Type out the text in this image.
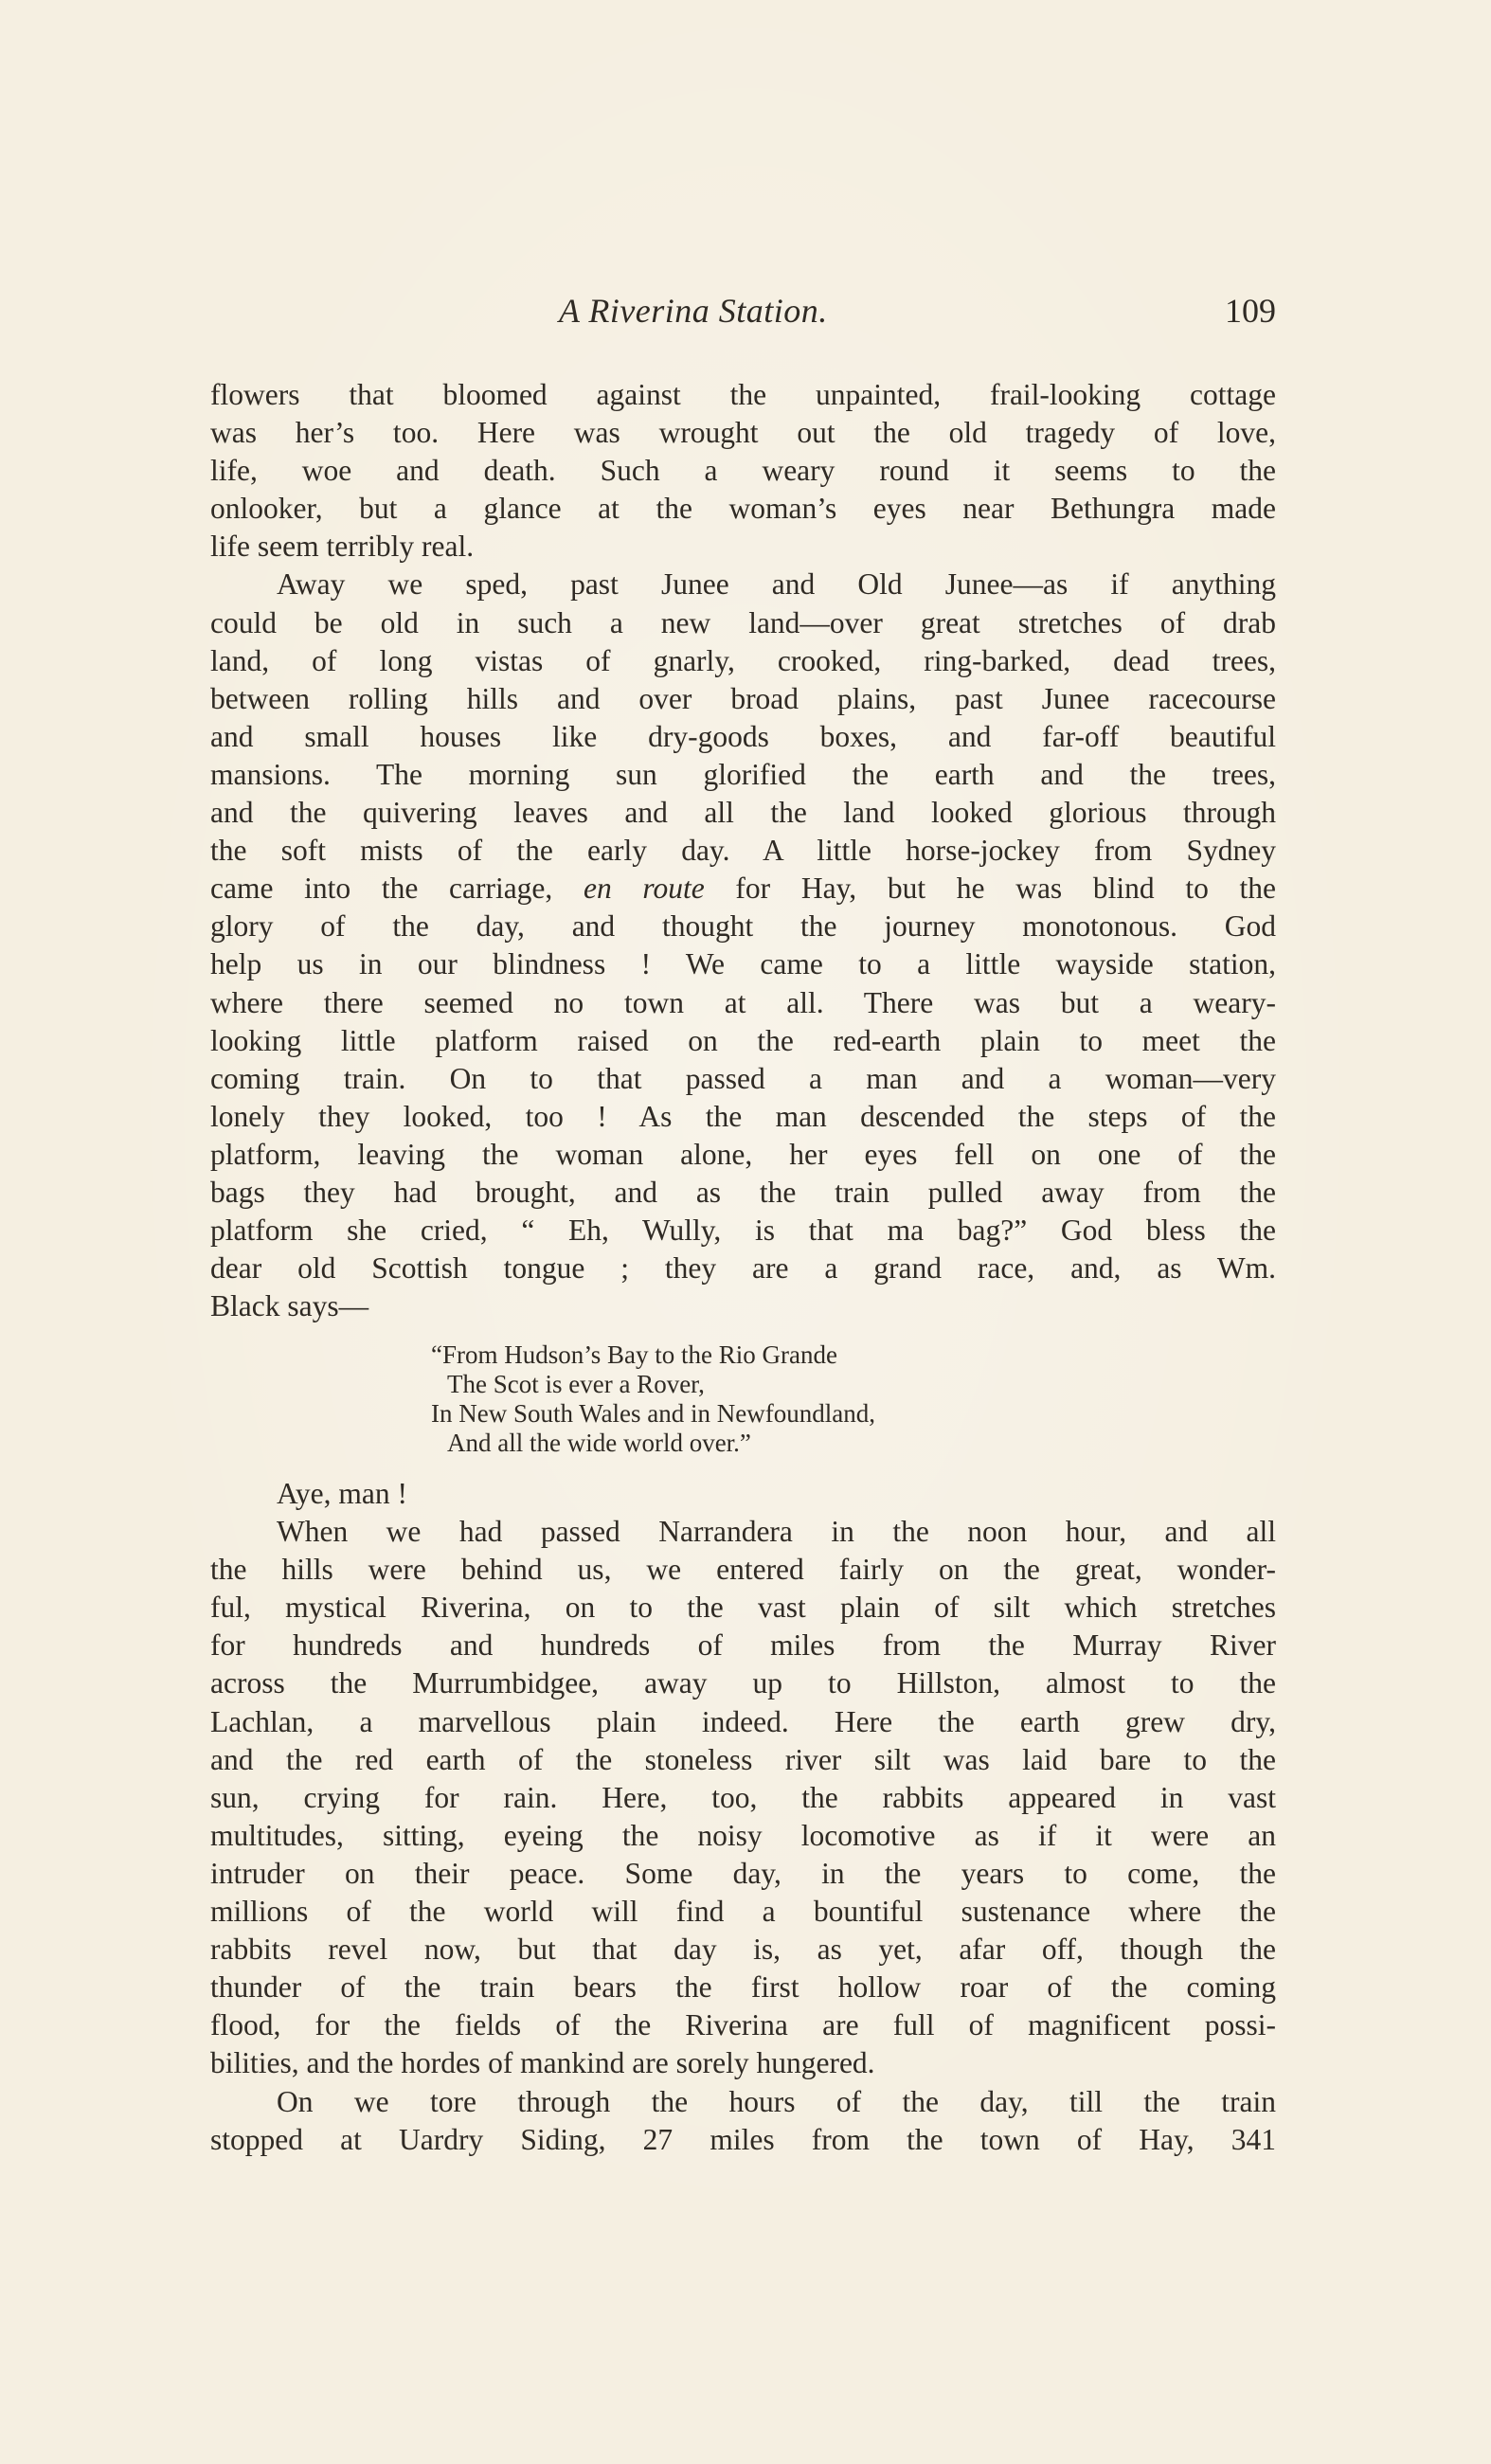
A Riverina Station.	109
flowers that bloomed against the unpainted, frail-looking cottage
was her’s too. Here was wrought out the old tragedy of love,
life, woe and death. Such a weary round it seems to the
onlooker, but a glance at the woman’s eyes near Bethungra made
life seem terribly real.
Away we sped, past Junee and Old Junee—as if anything
could be old in such a new land—over great stretches of drab
land, of long vistas of gnarly, crooked, ring-barked, dead trees,
between rolling hills and over broad plains, past Junee racecourse
and small houses like dry-goods boxes, and far-off beautiful
mansions. The morning sun glorified the earth and the trees,
and the quivering leaves and all the land looked glorious through
the soft mists of the early day. A little horse-jockey from Sydney
came into the carriage, en route for Hay, but he was blind to the
glory of the day, and thought the journey monotonous. God
help us in our blindness ! We came to a little wayside station,
where there seemed no town at all. There was but a weary-
looking little platform raised on the red-earth plain to meet the
coming train. On to that passed a man and a woman—very
lonely they looked, too ! As the man descended the steps of the
platform, leaving the woman alone, her eyes fell on one of the
bags they had brought, and as the train pulled away from the
platform she cried, “ Eh, Wully, is that ma bag?” God bless the
dear old Scottish tongue ; they are a grand race, and, as Wm.
Black says—
“From Hudson’s Bay to the Rio Grande
The Scot is ever a Rover,
In New South Wales and in Newfoundland,
And all the wide world over.”
Aye, man !
When we had passed Narrandera in the noon hour, and all
the hills were behind us, we entered fairly on the great, wonder-
ful, mystical Riverina, on to the vast plain of silt which stretches
for hundreds and hundreds of miles from the Murray River
across the Murrumbidgee, away up to Hillston, almost to the
Lachlan, a marvellous plain indeed. Here the earth grew dry,
and the red earth of the stoneless river silt was laid bare to the
sun, crying for rain. Here, too, the rabbits appeared in vast
multitudes, sitting, eyeing the noisy locomotive as if it were an
intruder on their peace. Some day, in the years to come, the
millions of the world will find a bountiful sustenance where the
rabbits revel now, but that day is, as yet, afar off, though the
thunder of the train bears the first hollow roar of the coming
flood, for the fields of the Riverina are full of magnificent possi-
bilities, and the hordes of mankind are sorely hungered.
On we tore through the hours of the day, till the train
stopped at Uardry Siding, 27 miles from the town of Hay, 341
